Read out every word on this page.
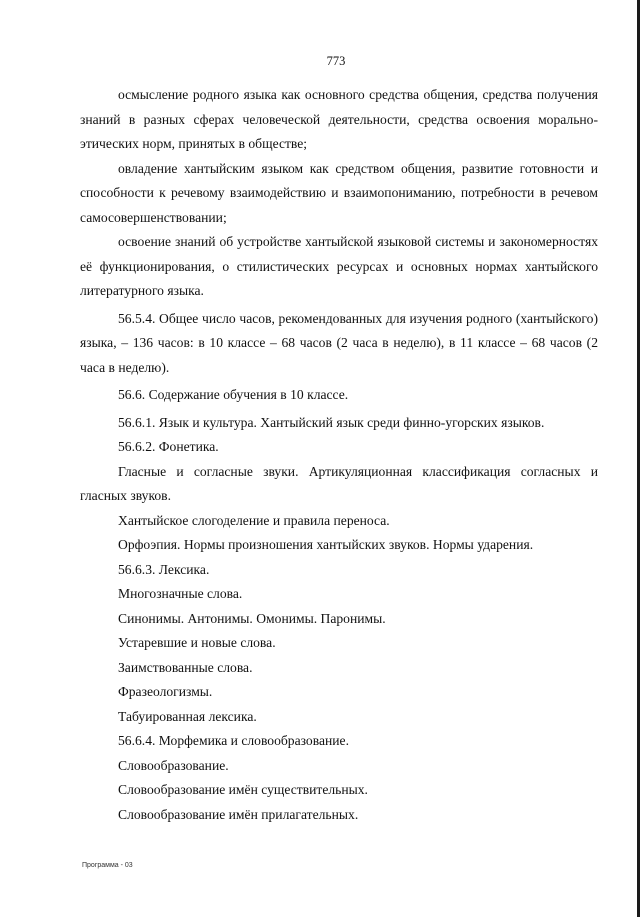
773

осмысление родного языка как основного средства общения, средства получения знаний в разных сферах человеческой деятельности, средства освоения морально-этических норм, принятых в обществе;

овладение хантыйским языком как средством общения, развитие готовности и способности к речевому взаимодействию и взаимопониманию, потребности в речевом самосовершенствовании;

освоение знаний об устройстве хантыйской языковой системы и закономерностях её функционирования, о стилистических ресурсах и основных нормах хантыйского литературного языка.

56.5.4. Общее число часов, рекомендованных для изучения родного (хантыйского) языка, – 136 часов: в 10 классе – 68 часов (2 часа в неделю), в 11 классе – 68 часов (2 часа в неделю).

56.6. Содержание обучения в 10 классе.

56.6.1. Язык и культура. Хантыйский язык среди финно-угорских языков.

56.6.2. Фонетика.

Гласные и согласные звуки. Артикуляционная классификация согласных и гласных звуков.

Хантыйское слогоделение и правила переноса.

Орфоэпия. Нормы произношения хантыйских звуков. Нормы ударения.

56.6.3. Лексика.

Многозначные слова.

Синонимы. Антонимы. Омонимы. Паронимы.

Устаревшие и новые слова.

Заимствованные слова.

Фразеологизмы.

Табуированная лексика.

56.6.4. Морфемика и словообразование.

Словообразование.

Словообразование имён существительных.

Словообразование имён прилагательных.

Программа - 03
